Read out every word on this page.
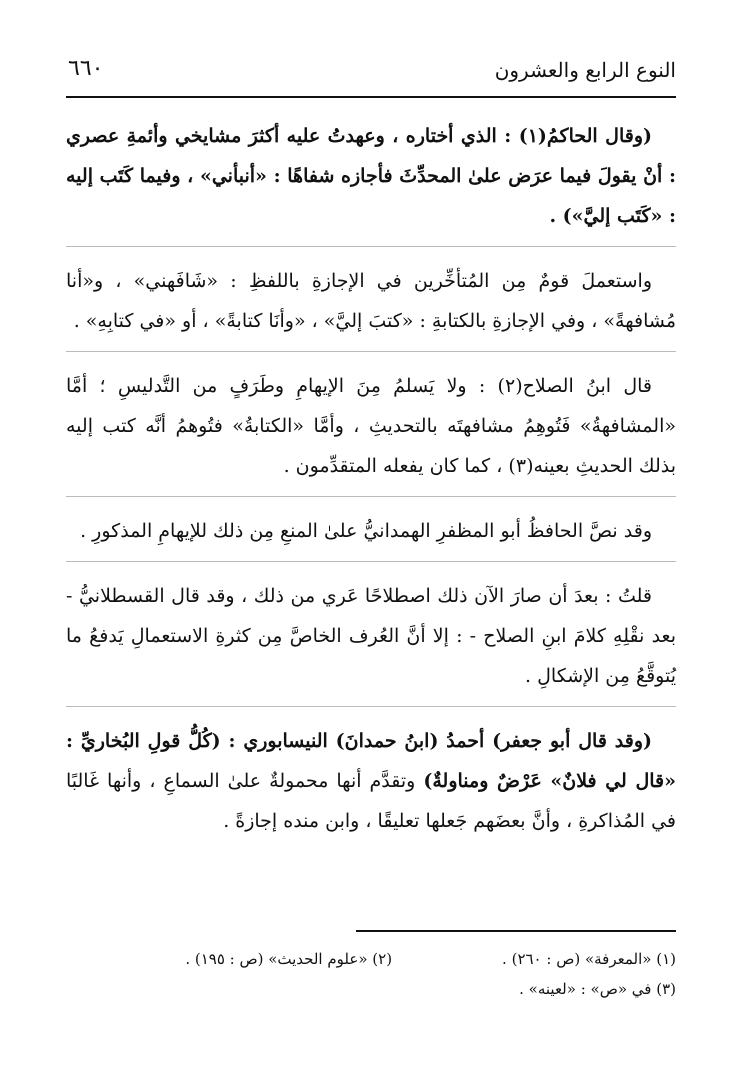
النوع الرابع والعشرون
٦٦٠

(وقال الحاكمُ(١) : الذي أختاره ، وعهدتُ عليه أكثرَ مشايخي وأئمةِ عصري : أنْ يقولَ فيما عرَض علىٰ المحدِّثَ فأجازه شفاهًا : «أنبأني» ، وفيما كَتَب إليه : «كَتَب إليَّ») .

واستعملَ قومٌ مِن المُتأخِّرين في الإجازةِ باللفظِ : «شَافَهني» ، و«أنا مُشافهةً» ، وفي الإجازةِ بالكتابةِ : «كتبَ إليَّ» ، «وأنَا كتابةً» ، أو «في كتابِهِ» .

قال ابنُ الصلاح(٢) : ولا يَسلمُ مِنَ الإيهامِ وطَرَفٍ من التَّدليسِ ؛ أمَّا «المشافهةُ» فَتُوهِمُ مشافهتَه بالتحديثِ ، وأمَّا «الكتابةُ» فتُوهمُ أنَّه كتب إليه بذلك الحديثِ بعينه(٣) ، كما كان يفعله المتقدِّمون .

وقد نصَّ الحافظُ أبو المظفرِ الهمدانيُّ علىٰ المنعِ مِن ذلك للإيهامِ المذكورِ .

قلتُ : بعدَ أن صارَ الآن ذلك اصطلاحًا عَري من ذلك ، وقد قال القسطلانيُّ - بعد نقْلِهِ كلامَ ابنِ الصلاح - : إلا أنَّ العُرف الخاصَّ مِن كثرةِ الاستعمالِ يَدفعُ ما يُتوقَّعُ مِن الإشكالِ .

(وقد قال أبو جعفر) أحمدُ (ابنُ حمدانَ) النيسابوري : (كُلُّ قولِ البُخاريِّ : «قال لي فلانٌ» عَرْضٌ ومناولةٌ) وتقدَّم أنها محمولةٌ علىٰ السماعِ ، وأنها غَالبًا في المُذاكرةِ ، وأنَّ بعضَهم جَعلها تعليقًا ، وابن منده إجازةً .

(١) «المعرفة» (ص : ٢٦٠) .
(٢) «علوم الحديث» (ص : ١٩٥) .
(٣) في «ص» : «لعينه» .
